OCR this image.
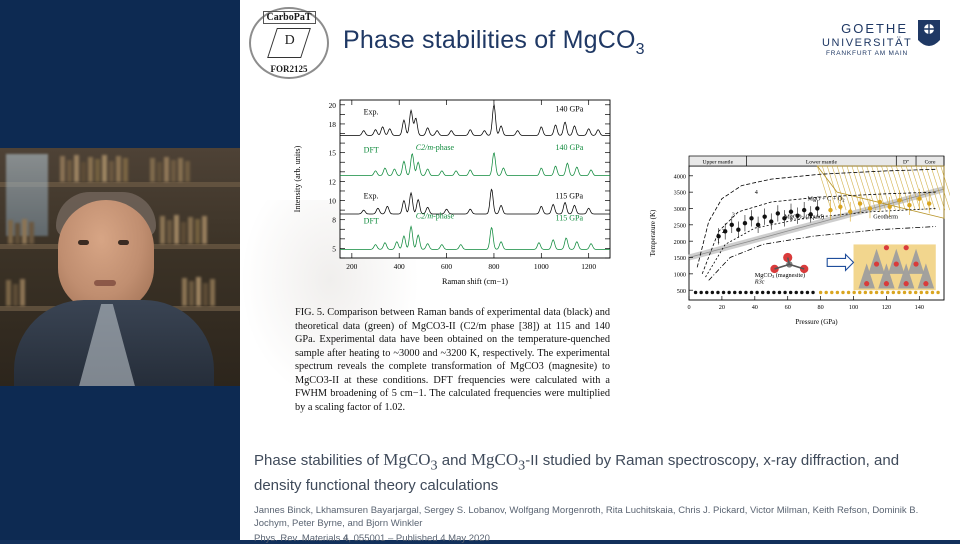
CarboPaT
D
FOR2125
Phase stabilities of MgCO$_3$
GOETHE
UNIVERSITÄT
FRANKFURT AM MAIN
5
8
10
12
15
18
20
200	400	600	800	1000	1200
Raman shift (cm−1)
Intensity (arb. units)
Exp.
DFT	C2/m-phase
140 GPa
140 GPa
Exp.
DFT
C2/m-phase
115 GPa
115 GPa
FIG. 5. Comparison between Raman bands of experimental data (black) and theoretical data (green) of MgCO3-II (C2/m phase [38]) at 115 and 140 GPa. Experimental data have been obtained on the temperature-quenched sample after heating to ~3000 and ~3200 K, respectively. The experimental spectrum reveals the complete transformation of MgCO3 (magnesite) to MgCO3-II at these conditions. DFT frequencies were calculated with a FWHM broadening of 5 cm−1. The calculated frequencies were multiplied by a scaling factor of 1.02.
Upper mantle	Lower mantle	D"	Core
500
1000
1500
2000
2500
3000
3500
4000
0	20	40	60	80	100	120	140
Pressure (GPa)
Temperature (K)
MgO + C + O2
MgCO3 (liquid)	Geotherm
MgCO3 (magnesite)
R3c
4
3
2
1
Phase stabilities of MgCO$_3$ and MgCO$_3$-II studied by Raman spectroscopy, x-ray diffraction, and density functional theory calculations
Jannes Binck, Lkhamsuren Bayarjargal, Sergey S. Lobanov, Wolfgang Morgenroth, Rita Luchitskaia, Chris J. Pickard, Victor Milman, Keith Refson, Dominik B. Jochym, Peter Byrne, and Bjorn Winkler
Phys. Rev. Materials 4, 055001 – Published 4 May 2020
